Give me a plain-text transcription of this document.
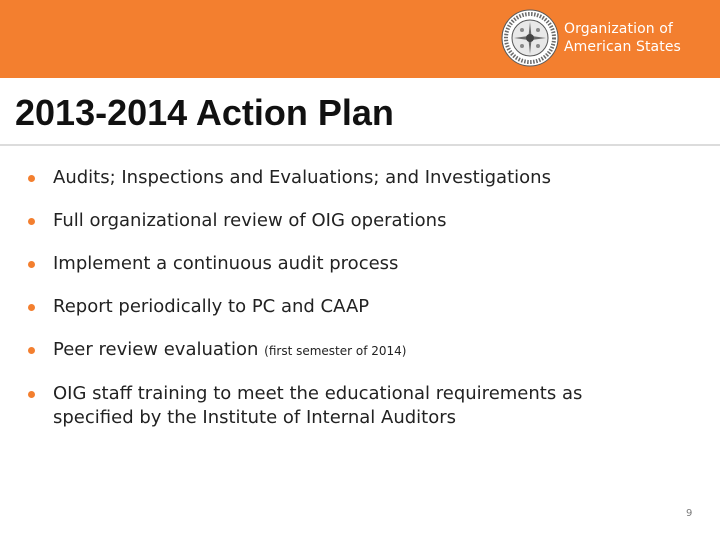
Organization of
American States
2013-2014 Action Plan
Audits; Inspections and Evaluations; and Investigations
Full organizational review of OIG operations
Implement a continuous audit process
Report periodically to PC and CAAP
Peer review evaluation (first semester of 2014)
OIG staff training to meet the educational requirements as specified by the Institute of Internal Auditors
9
